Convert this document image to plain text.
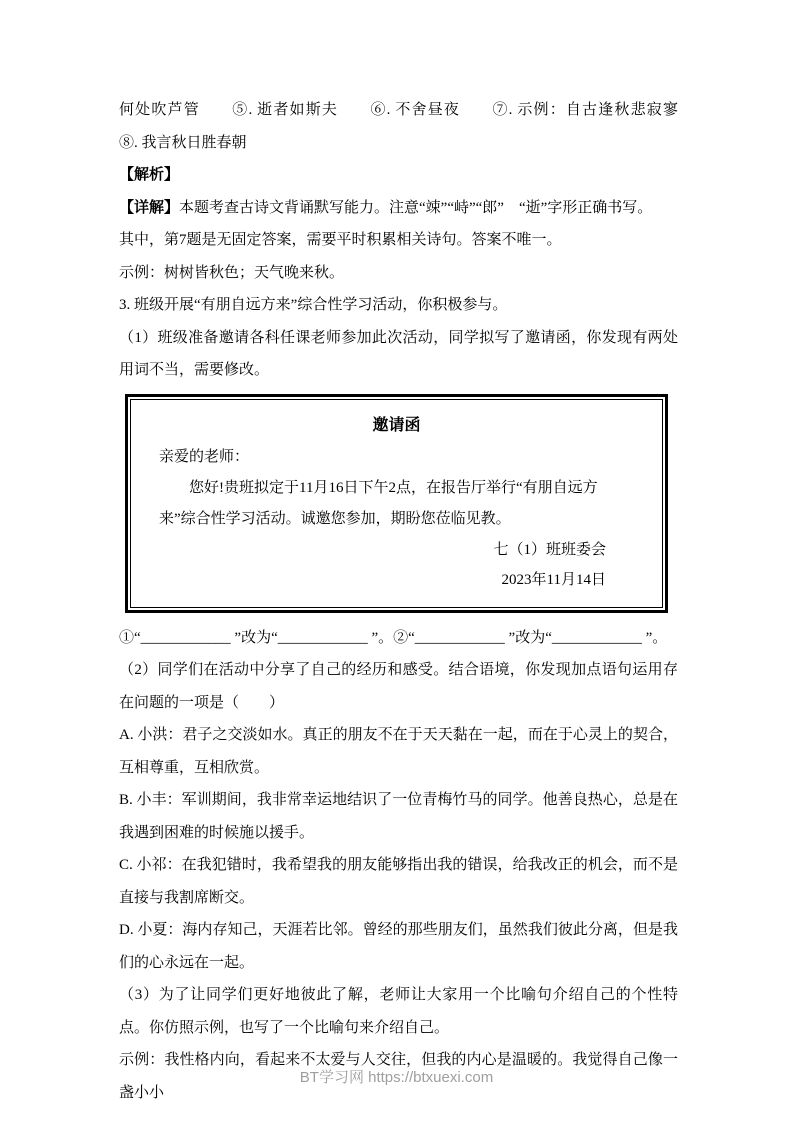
何处吹芦管　　⑤. 逝者如斯夫　　⑥. 不舍昼夜　　⑦. 示例：自古逢秋悲寂寥　　⑧. 我言秋日胜春朝

【解析】

【详解】本题考查古诗文背诵默写能力。注意“竦”“峙”“郎”　“逝”字形正确书写。

其中，第7题是无固定答案，需要平时积累相关诗句。答案不唯一。

示例：树树皆秋色；天气晚来秋。

3. 班级开展“有朋自远方来”综合性学习活动，你积极参与。

（1）班级准备邀请各科任课老师参加此次活动，同学拟写了邀请函，你发现有两处用词不当，需要修改。

邀请函
亲爱的老师：
您好!贵班拟定于11月16日下午2点，在报告厅举行“有朋自远方来”综合性学习活动。诚邀您参加，期盼您莅临见教。
七（1）班班委会
2023年11月14日

①“____________ ”改为“____________ ”。②“____________ ”改为“____________ ”。

（2）同学们在活动中分享了自己的经历和感受。结合语境，你发现加点语句运用存在问题的一项是（　　）

A. 小洪：君子之交淡如水。真正的朋友不在于天天黏在一起，而在于心灵上的契合，互相尊重，互相欣赏。

B. 小丰：军训期间，我非常幸运地结识了一位青梅竹马的同学。他善良热心，总是在我遇到困难的时候施以援手。

C. 小祁：在我犯错时，我希望我的朋友能够指出我的错误，给我改正的机会，而不是直接与我割席断交。

D. 小夏：海内存知己，天涯若比邻。曾经的那些朋友们，虽然我们彼此分离，但是我们的心永远在一起。

（3）为了让同学们更好地彼此了解，老师让大家用一个比喻句介绍自己的个性特点。你仿照示例，也写了一个比喻句来介绍自己。

示例：我性格内向，看起来不太爱与人交往，但我的内心是温暖的。我觉得自己像一盏小小

BT学习网 https://btxuexi.com
